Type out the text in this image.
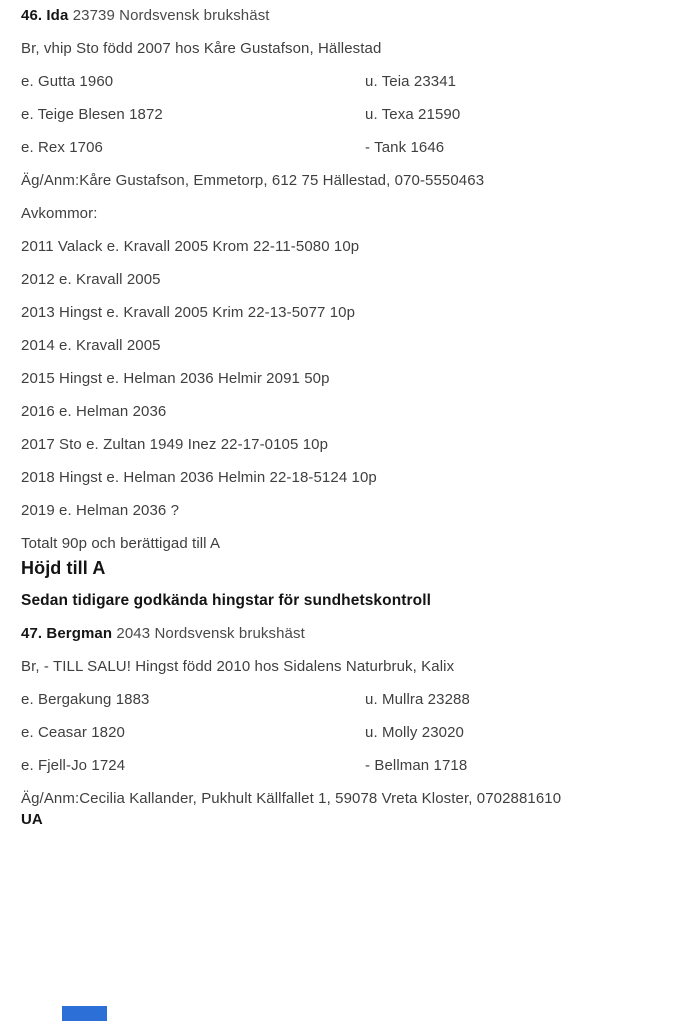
46. Ida 23739 Nordsvensk brukshäst

Br, vhip Sto född 2007 hos Kåre Gustafson, Hällestad

e. Gutta 1960	u. Teia 23341
e. Teige Blesen 1872	u. Texa 21590
e. Rex 1706	- Tank 1646

Äg/Anm:Kåre Gustafson, Emmetorp, 612 75 Hällestad, 070-5550463

Avkommor:

2011 Valack e. Kravall 2005 Krom 22-11-5080 10p

2012 e. Kravall 2005

2013 Hingst e. Kravall 2005 Krim 22-13-5077 10p

2014 e. Kravall 2005

2015 Hingst e. Helman 2036 Helmir 2091 50p

2016 e. Helman 2036

2017 Sto e. Zultan 1949 Inez 22-17-0105 10p

2018 Hingst e. Helman 2036 Helmin 22-18-5124 10p

2019 e. Helman 2036 ?

Totalt 90p och berättigad till A

Höjd till A

Sedan tidigare godkända hingstar för sundhetskontroll

47. Bergman 2043 Nordsvensk brukshäst

Br, - TILL SALU! Hingst född 2010 hos Sidalens Naturbruk, Kalix

e. Bergakung 1883	u. Mullra 23288
e. Ceasar 1820	u. Molly 23020
e. Fjell-Jo 1724	- Bellman 1718

Äg/Anm:Cecilia Kallander, Pukhult Källfallet 1, 59078 Vreta Kloster, 0702881610

UA
